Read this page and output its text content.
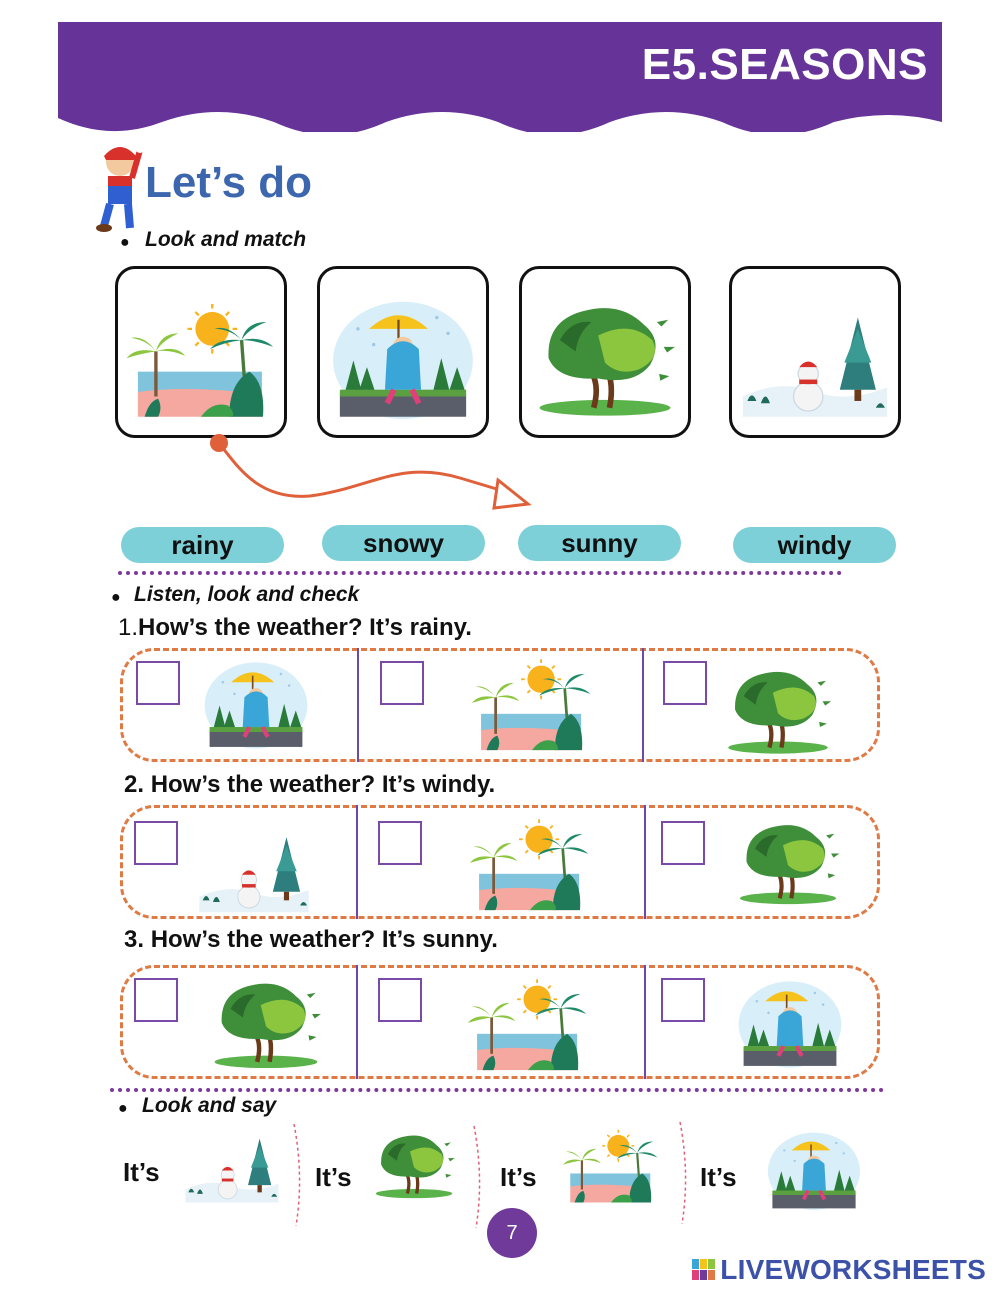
E5.SEASONS
Let’s do
● Look and match
rainy	snowy	sunny	windy
● Listen, look and check
1.How’s the weather? It’s rainy.
2. How’s the weather? It’s windy.
3. How’s the weather? It’s sunny.
● Look and say
It’s	It’s	It’s	It’s
7
LIVEWORKSHEETS
